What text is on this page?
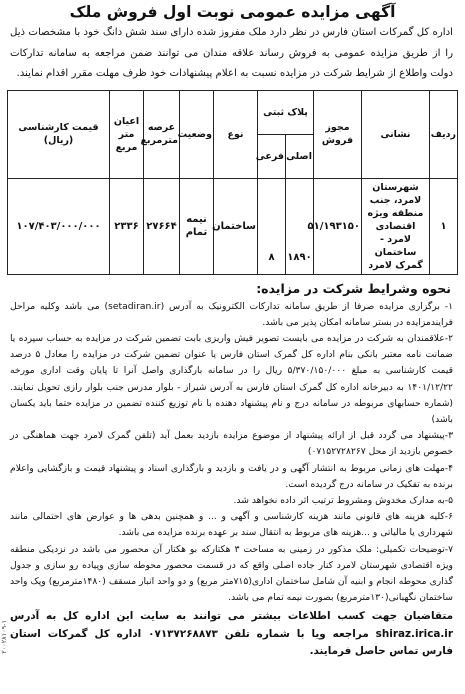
آگهی مزایده عمومی نوبت اول فروش ملک
اداره کل گمرکات استان فارس در نظر دارد ملک مفروز شده دارای سند شش دانگ خود با مشخصات ذیل را از طریق مزایده عمومی به فروش رساند علاقه مندان می توانند ضمن مراجعه به سامانه تدارکات دولت واطلاع از شرایط شرکت در مزایده نسبت به اعلام پیشنهادات خود ظرف مهلت مقرر اقدام نمایند.
ردیف	نشانی	مجوز فروش	پلاک ثبتی		نوع	وضعیت	عرصه مترمربع	اعیان متر مربع	قیمت کارشناسی (ریال)
			اصلی	فرعی					
۱	شهرستان لامرد، جنب منطقه ویژه اقتصادی لامرد - ساختمان گمرک لامرد	۵۱/۱۹۳۱۵۰	۱۸۹۰	۸	ساختمان	نیمه تمام	۲۷۶۶۴	۲۳۳۶	۱۰۷/۴۰۳/۰۰۰/۰۰۰
نحوه وشرایط شرکت در مزایده:

۱- برگزاری مزایده صرفا از طریق سامانه تدارکات الکترونیک به آدرس (setadiran.ir) می باشد وکلیه مراحل فرایندمزایده در بستر سامانه امکان پذیر می باشد.

۲-علاقمندان به شرکت در مزایده می بایست تصویر فیش واریزی بابت تضمین شرکت در مزایده به حساب سپرده یا ضمانت نامه معتبر بانکی بنام اداره کل گمرک استان فارس یا عنوان تضمین شرکت در مزایده را معادل ۵ درصد قیمت کارشناسی به مبلغ ۵/۳۷۰/۱۵۰/۰۰۰ ریال را در سامانه بارگذاری واصل آنرا تا پایان وقت اداری مورخه ۱۴۰۱/۱۲/۲۲ به دبیرخانه اداره کل گمرک استان فارس به آدرس شیراز - بلوار مدرس جنب بلوار رازی تحویل نمایند. (شماره حسابهای مربوطه در سامانه درج و نام پیشنهاد دهنده با نام توزیع کننده تضمین در مزایده حتما باید یکسان باشد)

۳-پیشنهاد می گردد قبل از ارائه پیشنهاد از موضوع مزایده بازدید بعمل آید (تلفن گمرک لامرد جهت هماهنگی در خصوص بازدید از محل ۰۷۱۵۲۷۲۸۲۶۷)

۴-مهلت های زمانی مربوط به انتشار آگهی و در یافت و بازدید و بارگذاری اسناد و پیشنهاد قیمت و بازگشایی واعلام برنده به تفکیک در سامانه درج گردیده است.

۵-به مدارک مخدوش ومشروط ترتیب اثر داده نخواهد شد.

۶-کلیه هزینه های قانونی مانند هزینه کارشناسی و آگهی و ... و همچنین بدهی ها و عوارض های احتمالی مانند شهرداری یا مالیاتی و ...هزینه های مربوط به انتقال سند بر عهده برنده مزایده می باشد.

۷-توضیحات تکمیلی: ملک مذکور در زمینی به مساحت ۳ هکتارکه بو هکتار آن محصور می باشد در نزدیکی منطقه ویژه اقتصادی شهرستان لامرد کنار جاده اصلی واقع که در قسمت محصور محوطه سازی وپیاده رو سازی و جدول گذاری محوطه انجام و ابنیه آن شامل ساختمان اداری(۷۱۵متر مربع) و دو واحد انبار مسقف (۱۴۸۰مترمربع) وپک واحد ساختمان نگهبانی(۱۳۰مترمربع) بصورت نیمه تمام می باشد.

متقاضیان جهت کسب اطلاعات بیشتر می توانند به سایت این اداره کل به آدرس shiraz.irica.ir مراجعه ویا با شماره تلفن ۰۷۱۳۷۲۶۸۸۷۳ اداره کل گمرکات استان فارس تماس حاصل فرمایند.
۲۰۰۲۸۱۰۹-۱
